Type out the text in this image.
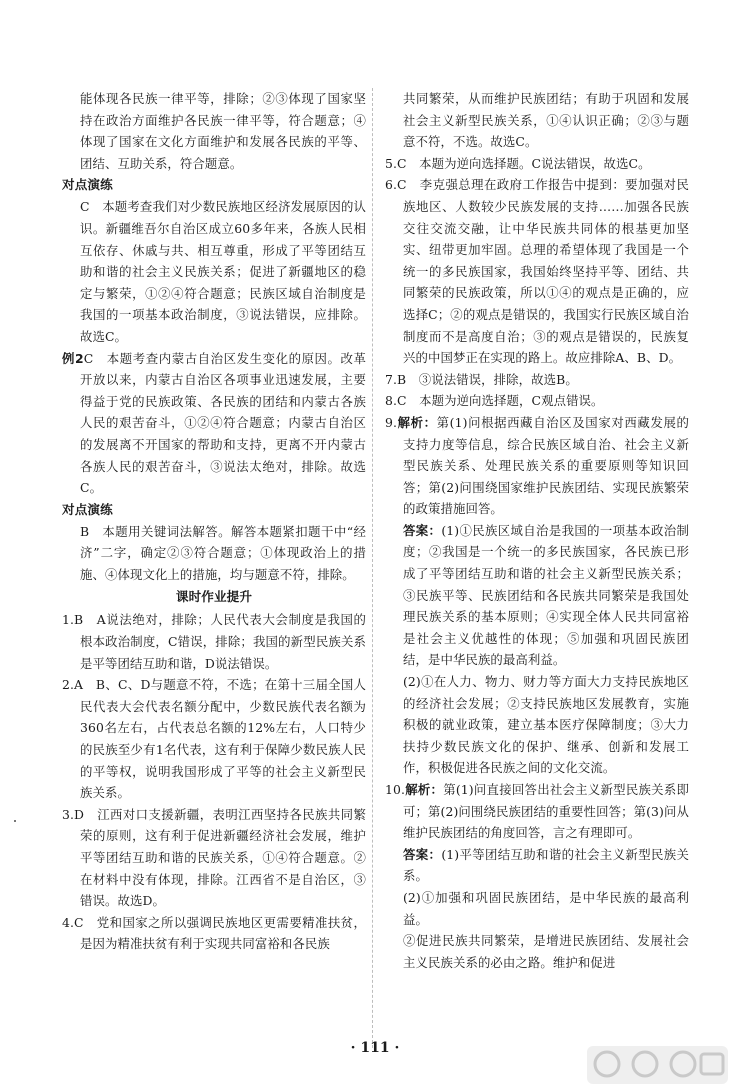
能体现各民族一律平等，排除；②③体现了国家坚持在政治方面维护各民族一律平等，符合题意；④体现了国家在文化方面维护和发展各民族的平等、团结、互助关系，符合题意。

对点演练

C　本题考查我们对少数民族地区经济发展原因的认识。新疆维吾尔自治区成立60多年来，各族人民相互依存、休戚与共、相互尊重，形成了平等团结互助和谐的社会主义民族关系；促进了新疆地区的稳定与繁荣，①②④符合题意；民族区域自治制度是我国的一项基本政治制度，③说法错误，应排除。故选C。

例2C　本题考查内蒙古自治区发生变化的原因。改革开放以来，内蒙古自治区各项事业迅速发展，主要得益于党的民族政策、各民族的团结和内蒙古各族人民的艰苦奋斗，①②④符合题意；内蒙古自治区的发展离不开国家的帮助和支持，更离不开内蒙古各族人民的艰苦奋斗，③说法太绝对，排除。故选C。

对点演练

B　本题用关键词法解答。解答本题紧扣题干中“经济”二字，确定②③符合题意；①体现政治上的措施、④体现文化上的措施，均与题意不符，排除。

课时作业提升

1.B　A说法绝对，排除；人民代表大会制度是我国的根本政治制度，C错误，排除；我国的新型民族关系是平等团结互助和谐，D说法错误。

2.A　B、C、D与题意不符，不选；在第十三届全国人民代表大会代表名额分配中，少数民族代表名额为360名左右，占代表总名额的12%左右，人口特少的民族至少有1名代表，这有利于保障少数民族人民的平等权，说明我国形成了平等的社会主义新型民族关系。

3.D　江西对口支援新疆，表明江西坚持各民族共同繁荣的原则，这有利于促进新疆经济社会发展，维护平等团结互助和谐的民族关系，①④符合题意。②在材料中没有体现，排除。江西省不是自治区，③错误。故选D。

4.C　党和国家之所以强调民族地区更需要精准扶贫，是因为精准扶贫有利于实现共同富裕和各民族

共同繁荣，从而维护民族团结；有助于巩固和发展社会主义新型民族关系，①④认识正确；②③与题意不符，不选。故选C。

5.C　本题为逆向选择题。C说法错误，故选C。

6.C　李克强总理在政府工作报告中提到：要加强对民族地区、人数较少民族发展的支持……加强各民族交往交流交融，让中华民族共同体的根基更加坚实、纽带更加牢固。总理的希望体现了我国是一个统一的多民族国家，我国始终坚持平等、团结、共同繁荣的民族政策，所以①④的观点是正确的，应选择C；②的观点是错误的，我国实行民族区域自治制度而不是高度自治；③的观点是错误的，民族复兴的中国梦正在实现的路上。故应排除A、B、D。

7.B　③说法错误，排除，故选B。

8.C　本题为逆向选择题，C观点错误。

9.解析：第(1)问根据西藏自治区及国家对西藏发展的支持力度等信息，综合民族区域自治、社会主义新型民族关系、处理民族关系的重要原则等知识回答；第(2)问围绕国家维护民族团结、实现民族繁荣的政策措施回答。

答案：(1)①民族区域自治是我国的一项基本政治制度；②我国是一个统一的多民族国家，各民族已形成了平等团结互助和谐的社会主义新型民族关系；③民族平等、民族团结和各民族共同繁荣是我国处理民族关系的基本原则；④实现全体人民共同富裕是社会主义优越性的体现；⑤加强和巩固民族团结，是中华民族的最高利益。

(2)①在人力、物力、财力等方面大力支持民族地区的经济社会发展；②支持民族地区发展教育，实施积极的就业政策，建立基本医疗保障制度；③大力扶持少数民族文化的保护、继承、创新和发展工作，积极促进各民族之间的文化交流。

10.解析：第(1)问直接回答出社会主义新型民族关系即可；第(2)问围绕民族团结的重要性回答；第(3)问从维护民族团结的角度回答，言之有理即可。

答案：(1)平等团结互助和谐的社会主义新型民族关系。

(2)①加强和巩固民族团结，是中华民族的最高利益。

②促进民族共同繁荣，是增进民族团结、发展社会主义民族关系的必由之路。维护和促进

· 111 ·
